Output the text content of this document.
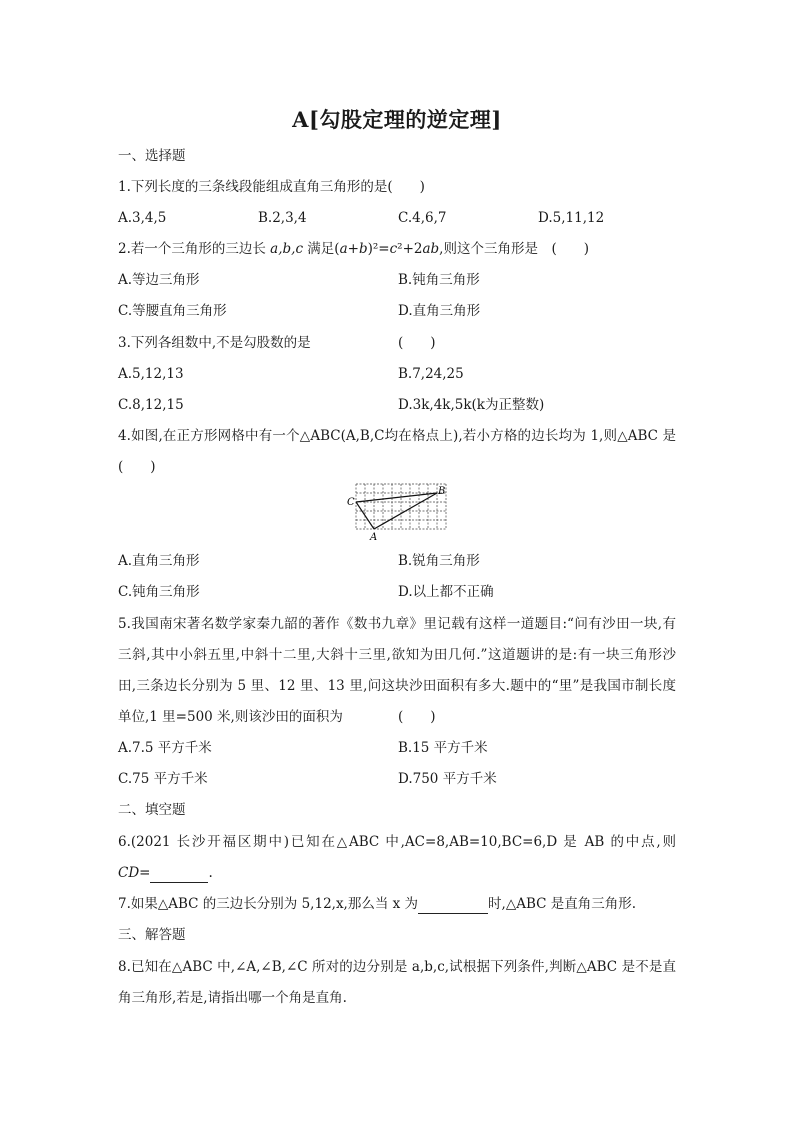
A[勾股定理的逆定理]
一、选择题
1.下列长度的三条线段能组成直角三角形的是(　　)
A.3,4,5	B.2,3,4	C.4,6,7	D.5,11,12
2.若一个三角形的三边长 a,b,c 满足(a+b)²=c²+2ab,则这个三角形是　(　　)
A.等边三角形	B.钝角三角形
C.等腰直角三角形	D.直角三角形
3.下列各组数中,不是勾股数的是	(　　)
A.5,12,13	B.7,24,25
C.8,12,15	D.3k,4k,5k(k为正整数)
4.如图,在正方形网格中有一个△ABC(A,B,C均在格点上),若小方格的边长均为 1,则△ABC 是
(　　)
C
B
A
A.直角三角形	B.锐角三角形
C.钝角三角形	D.以上都不正确
5.我国南宋著名数学家秦九韶的著作《数书九章》里记载有这样一道题目:“问有沙田一块,有
三斜,其中小斜五里,中斜十二里,大斜十三里,欲知为田几何.”这道题讲的是:有一块三角形沙
田,三条边长分别为 5 里、12 里、13 里,问这块沙田面积有多大.题中的“里”是我国市制长度
单位,1 里=500 米,则该沙田的面积为	(　　)
A.7.5 平方千米	B.15 平方千米
C.75 平方千米	D.750 平方千米
二、填空题
6.(2021 长沙开福区期中)已知在△ABC 中,AC=8,AB=10,BC=6,D 是 AB 的中点,则
CD=	.
7.如果△ABC 的三边长分别为 5,12,x,那么当 x 为	时,△ABC 是直角三角形.
三、解答题
8.已知在△ABC 中,∠A,∠B,∠C 所对的边分别是 a,b,c,试根据下列条件,判断△ABC 是不是直
角三角形,若是,请指出哪一个角是直角.
